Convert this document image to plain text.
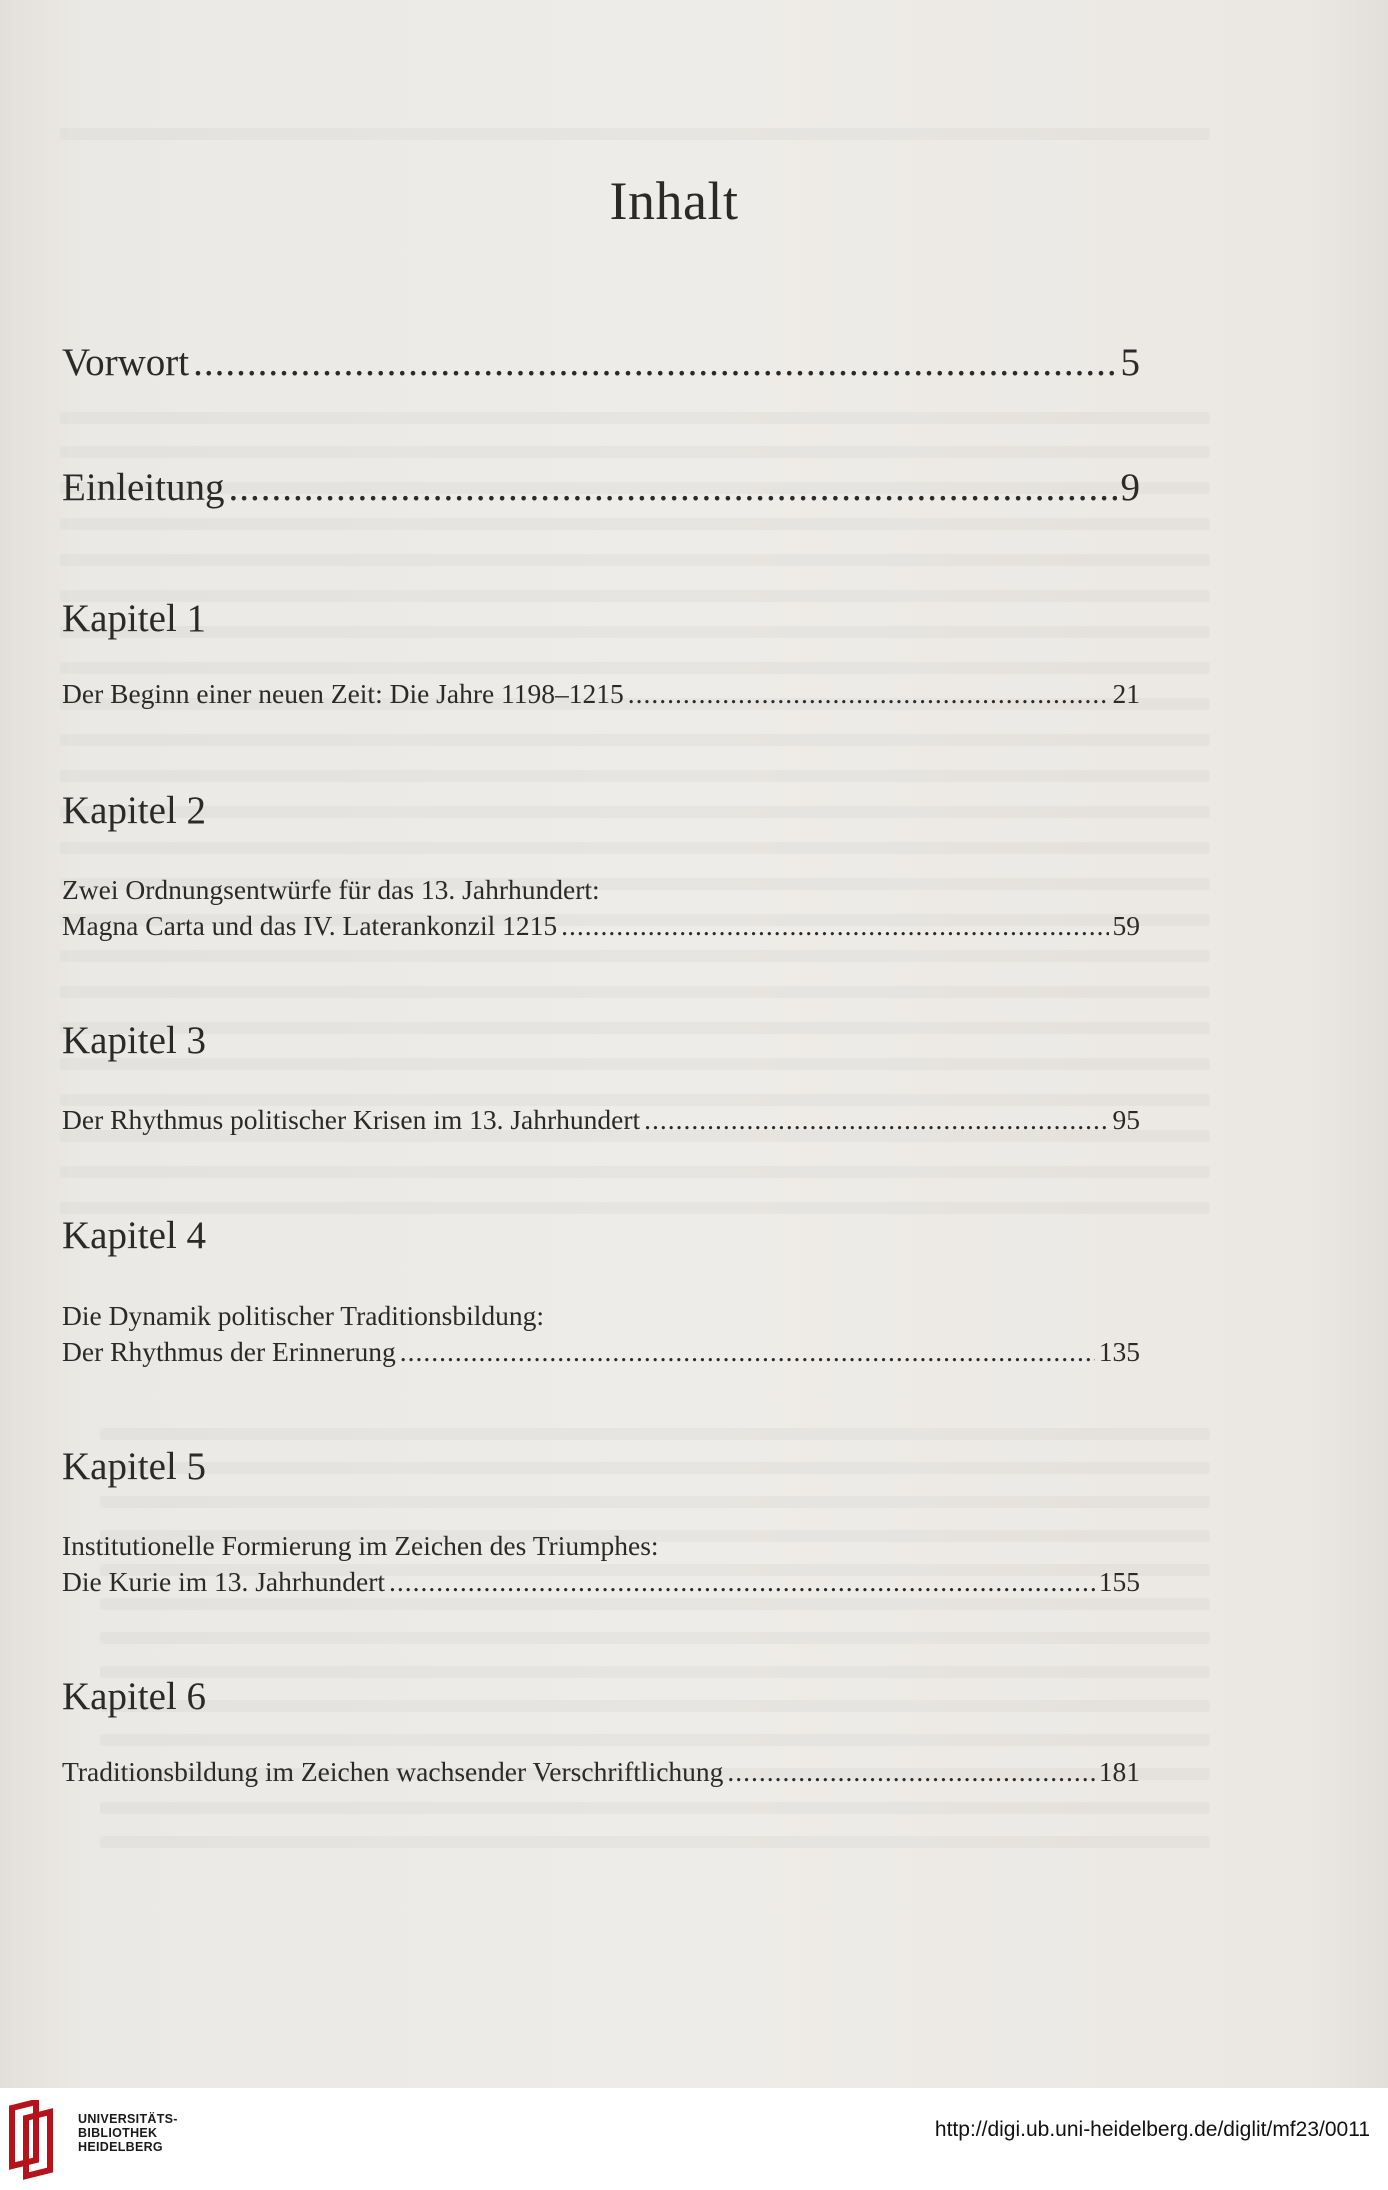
Inhalt
Vorwort .....	5
Einleitung .....	9
Kapitel 1
Der Beginn einer neuen Zeit: Die Jahre 1198–1215 .....	21
Kapitel 2
Zwei Ordnungsentwürfe für das 13. Jahrhundert:
Magna Carta und das IV. Laterankonzil 1215 .....	59
Kapitel 3
Der Rhythmus politischer Krisen im 13. Jahrhundert .....	95
Kapitel 4
Die Dynamik politischer Traditionsbildung:
Der Rhythmus der Erinnerung .....	135
Kapitel 5
Institutionelle Formierung im Zeichen des Triumphes:
Die Kurie im 13. Jahrhundert .....	155
Kapitel 6
Traditionsbildung im Zeichen wachsender Verschriftlichung .....	181
UNIVERSITÄTS-
BIBLIOTHEK
HEIDELBERG
http://digi.ub.uni-heidelberg.de/diglit/mf23/0011
